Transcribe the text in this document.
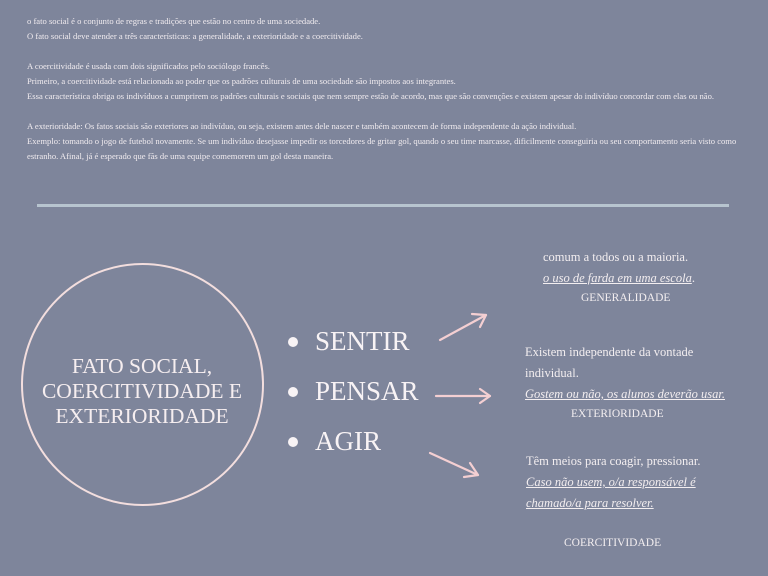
o fato social é o conjunto de regras e tradições que estão no centro de uma sociedade.

O fato social deve atender a três características: a generalidade, a exterioridade e a coercitividade.

A coercitividade é usada com dois significados pelo sociólogo francês.

Primeiro, a coercitividade está relacionada ao poder que os padrões culturais de uma sociedade são impostos aos integrantes.

Essa característica obriga os indivíduos a cumprirem os padrões culturais e sociais que nem sempre estão de acordo, mas que são convenções e existem apesar do indivíduo concordar com elas ou não.

A exterioridade: Os fatos sociais são exteriores ao indivíduo, ou seja, existem antes dele nascer e também acontecem de forma independente da ação individual.

Exemplo: tomando o jogo de futebol novamente. Se um indivíduo desejasse impedir os torcedores de gritar gol, quando o seu time marcasse, dificilmente conseguiria ou seu comportamento seria visto como estranho. Afinal, já é esperado que fãs de uma equipe comemorem um gol desta maneira.

FATO SOCIAL, COERCITIVIDADE E EXTERIORIDADE
SENTIR
PENSAR
AGIR
comum a todos ou a maioria.
o uso de farda em uma escola.
GENERALIDADE
Existem independente da vontade individual.
Gostem ou não, os alunos deverão usar.
EXTERIORIDADE
Têm meios para coagir, pressionar.
Caso não usem, o/a responsável é chamado/a para resolver.
COERCITIVIDADE
